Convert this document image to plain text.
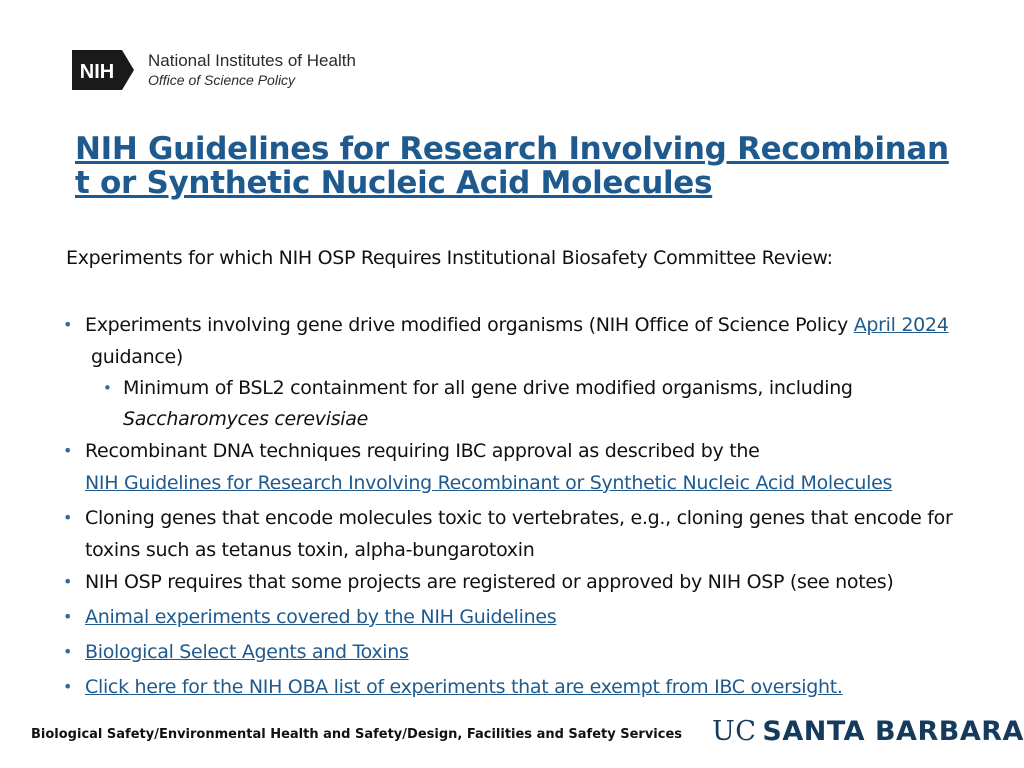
NIH
National Institutes of Health
Office of Science Policy
NIH Guidelines for Research Involving Recombinant or Synthetic Nucleic Acid Molecules
Experiments for which NIH OSP Requires Institutional Biosafety Committee Review:
• Experiments involving gene drive modified organisms (NIH Office of Science Policy April 2024
guidance)
• Minimum of BSL2 containment for all gene drive modified organisms, including
Saccharomyces cerevisiae
• Recombinant DNA techniques requiring IBC approval as described by the
NIH Guidelines for Research Involving Recombinant or Synthetic Nucleic Acid Molecules
• Cloning genes that encode molecules toxic to vertebrates, e.g., cloning genes that encode for toxins such as tetanus toxin, alpha-bungarotoxin
• NIH OSP requires that some projects are registered or approved by NIH OSP (see notes)
• Animal experiments covered by the NIH Guidelines
• Biological Select Agents and Toxins
• Click here for the NIH OBA list of experiments that are exempt from IBC oversight.
Biological Safety/Environmental Health and Safety/Design, Facilities and Safety Services UC SANTA BARBARA
